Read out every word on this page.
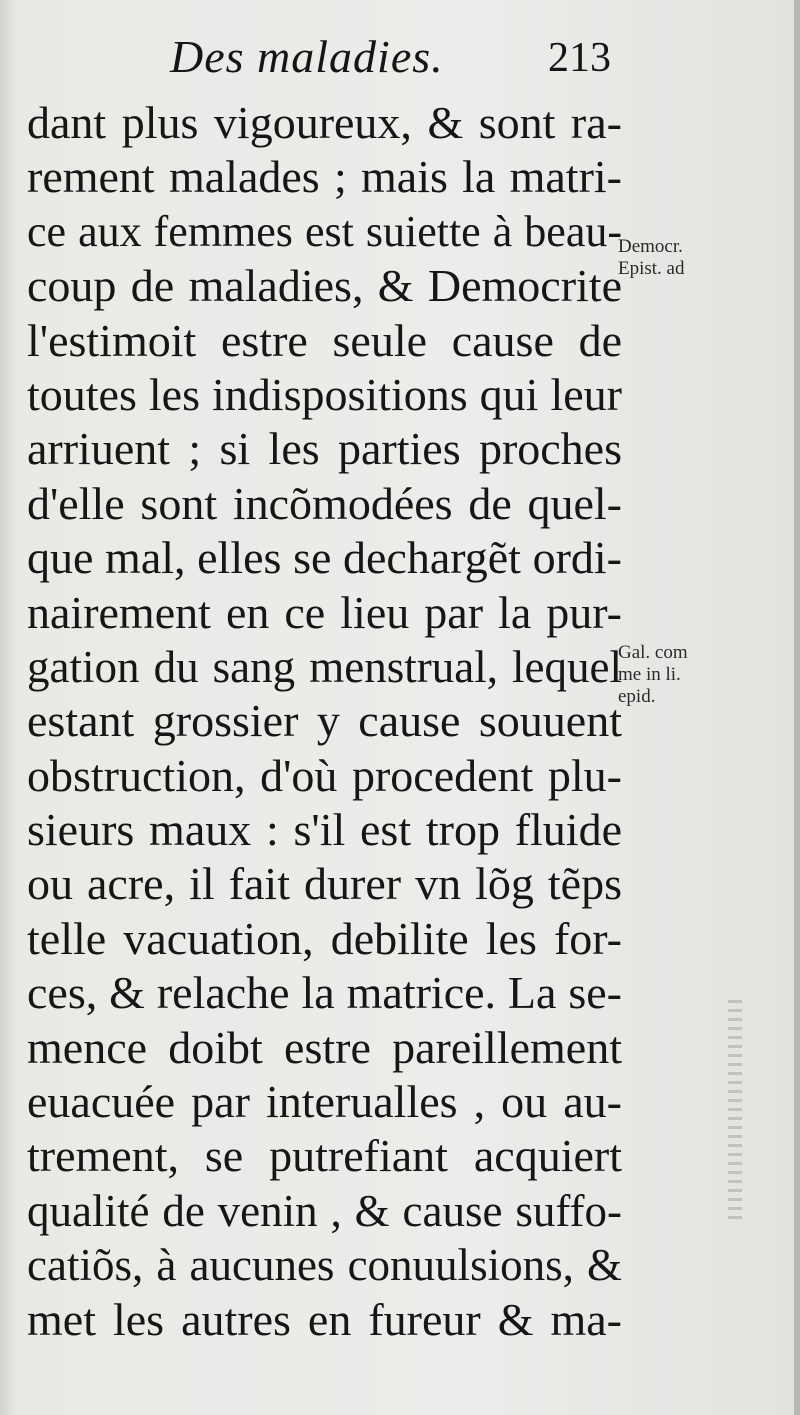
Des maladies. 213
dant plus vigoureux, & sont ra-
rement malades ; mais la matri-
ce aux femmes est suiette à beau-
coup de maladies, & Democrite
l'estimoit estre seule cause de
toutes les indispositions qui leur
arriuent ; si les parties proches
d'elle sont incõmodées de quel-
que mal, elles se dechargẽt ordi-
nairement en ce lieu par la pur-
gation du sang menstrual, lequel
estant grossier y cause souuent
obstruction, d'où procedent plu-
sieurs maux : s'il est trop fluide
ou acre, il fait durer vn lõg tẽps
telle vacuation, debilite les for-
ces, & relache la matrice. La se-
mence doibt estre pareillement
euacuée par interualles , ou au-
trement, se putrefiant acquiert
qualité de venin , & cause suffo-
catiõs, à aucunes conuulsions, &
met les autres en fureur & ma-
Democr.
Epist. ad
Gal. com
me in li.
epid.
